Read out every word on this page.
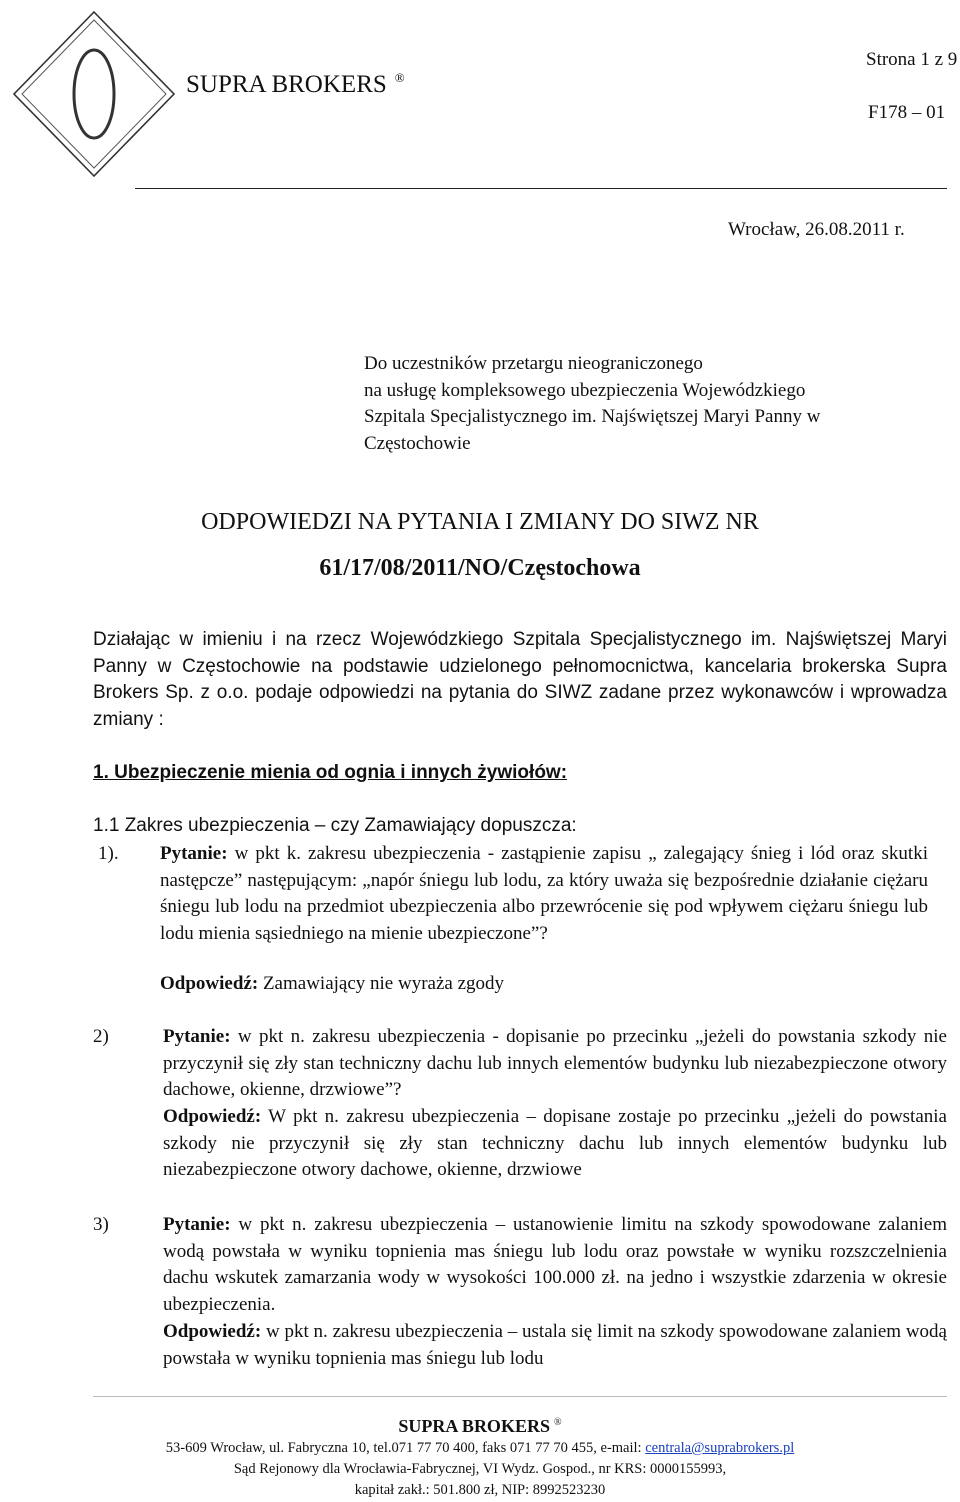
SUPRA BROKERS ®
Strona 1 z 9
F178 – 01
Wrocław, 26.08.2011 r.
Do uczestników przetargu nieograniczonego
na usługę kompleksowego ubezpieczenia Wojewódzkiego
Szpitala Specjalistycznego im. Najświętszej Maryi Panny w
Częstochowie
ODPOWIEDZI NA PYTANIA I ZMIANY DO SIWZ NR
61/17/08/2011/NO/Częstochowa
Działając w imieniu i na rzecz Wojewódzkiego Szpitala Specjalistycznego im. Najświętszej Maryi Panny w Częstochowie na podstawie udzielonego pełnomocnictwa, kancelaria brokerska Supra Brokers Sp. z o.o. podaje odpowiedzi na pytania do SIWZ zadane przez wykonawców i wprowadza zmiany :
1. Ubezpieczenie mienia od ognia i innych żywiołów:
1.1 Zakres ubezpieczenia – czy Zamawiający dopuszcza:
1). Pytanie: w pkt k. zakresu ubezpieczenia - zastąpienie zapisu „ zalegający śnieg i lód oraz skutki następcze” następującym: „napór śniegu lub lodu, za który uważa się bezpośrednie działanie ciężaru śniegu lub lodu na przedmiot ubezpieczenia albo przewrócenie się pod wpływem ciężaru śniegu lub lodu mienia sąsiedniego na mienie ubezpieczone”?
Odpowiedź: Zamawiający nie wyraża zgody
2)	Pytanie: w pkt n. zakresu ubezpieczenia - dopisanie po przecinku „jeżeli do powstania szkody nie przyczynił się zły stan techniczny dachu lub innych elementów budynku lub niezabezpieczone otwory dachowe, okienne, drzwiowe”?
Odpowiedź: W pkt n. zakresu ubezpieczenia – dopisane zostaje po przecinku „jeżeli do powstania szkody nie przyczynił się zły stan techniczny dachu lub innych elementów budynku lub niezabezpieczone otwory dachowe, okienne, drzwiowe
3)	Pytanie: w pkt n. zakresu ubezpieczenia – ustanowienie limitu na szkody spowodowane zalaniem wodą powstała w wyniku topnienia mas śniegu lub lodu oraz powstałe w wyniku rozszczelnienia dachu wskutek zamarzania wody w wysokości 100.000 zł. na jedno i wszystkie zdarzenia w okresie ubezpieczenia.
Odpowiedź: w pkt n. zakresu ubezpieczenia – ustala się limit na szkody spowodowane zalaniem wodą powstała w wyniku topnienia mas śniegu lub lodu
SUPRA BROKERS ®
53-609 Wrocław, ul. Fabryczna 10, tel.071 77 70 400, faks 071 77 70 455, e-mail: centrala@suprabrokers.pl
Sąd Rejonowy dla Wrocławia-Fabrycznej, VI Wydz. Gospod., nr KRS: 0000155993,
kapitał zakł.: 501.800 zł, NIP: 8992523230
